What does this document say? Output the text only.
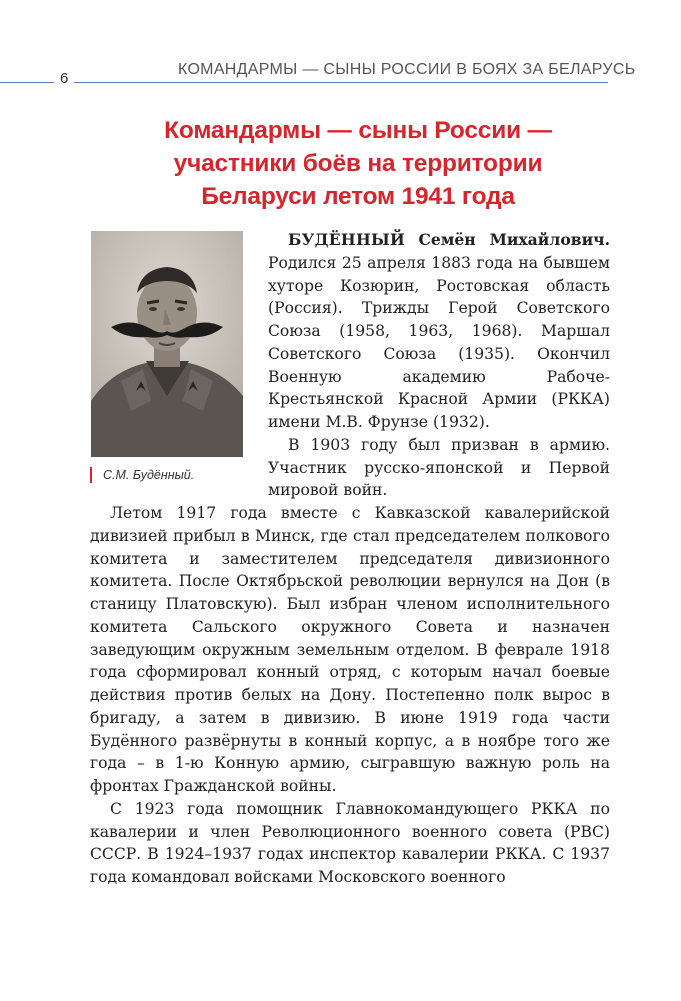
6
КОМАНДАРМЫ — СЫНЫ РОССИИ В БОЯХ ЗА БЕЛАРУСЬ
Командармы — сыны России —
участники боёв на территории
Беларуси летом 1941 года
С.М. Будённый.

БУДЁННЫЙ Семён Михайлович. Родился 25 апреля 1883 года на бывшем хуторе Козюрин, Ростовская область (Россия). Трижды Герой Советского Союза (1958, 1963, 1968). Маршал Советского Союза (1935). Окончил Военную академию Рабоче-Крестьянской Красной Армии (РККА) имени М.В. Фрунзе (1932).

В 1903 году был призван в армию. Участник русско-японской и Первой мировой войн.

Летом 1917 года вместе с Кавказской кавалерийской дивизией прибыл в Минск, где стал председателем полкового комитета и заместителем председателя дивизионного комитета. После Октябрьской революции вернулся на Дон (в станицу Платовскую). Был избран членом исполнительного комитета Сальского окружного Совета и назначен заведующим окружным земельным отделом. В феврале 1918 года сформировал конный отряд, с которым начал боевые действия против белых на Дону. Постепенно полк вырос в бригаду, а затем в дивизию. В июне 1919 года части Будённого развёрнуты в конный корпус, а в ноябре того же года – в 1-ю Конную армию, сыгравшую важную роль на фронтах Гражданской войны.

С 1923 года помощник Главнокомандующего РККА по кавалерии и член Революционного военного совета (РВС) СССР. В 1924–1937 годах инспектор кавалерии РККА. С 1937 года командовал войсками Московского военного
